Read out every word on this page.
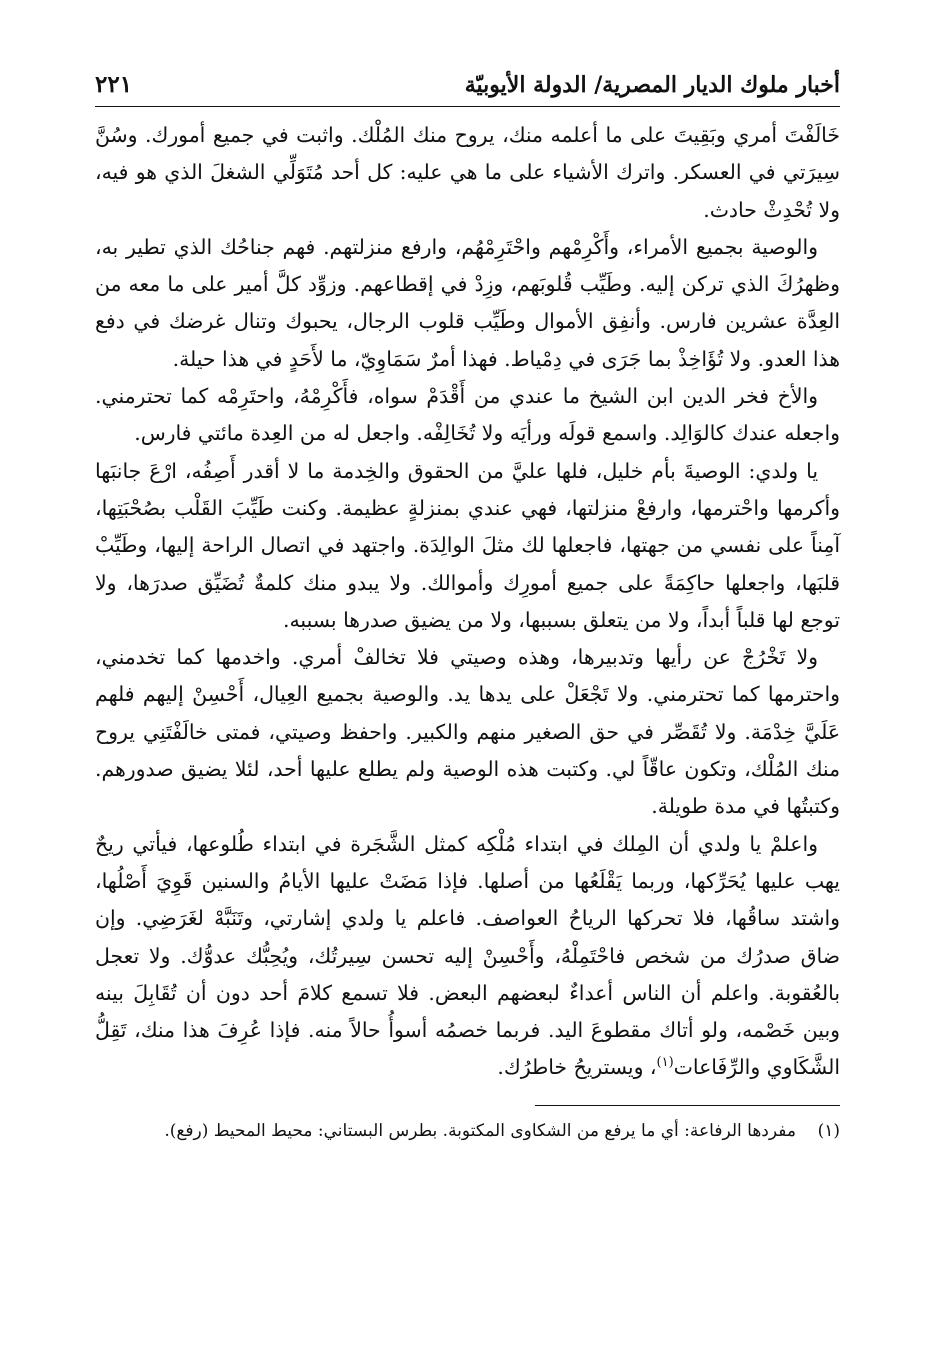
أخبار ملوك الديار المصرية/ الدولة الأيوبيّة
٢٢١

خَالَفْتَ أمري وبَقِيتَ على ما أعلمه منك، يروح منك المُلْك. واثبت في جميع أمورك. وسُنَّ سِيرَتي في العسكر. واترك الأشياء على ما هي عليه: كل أحد مُتَوَلِّي الشغلَ الذي هو فيه، ولا تُحْدِثْ حادث.

والوصية بجميع الأمراء، وأَكْرِمْهم واحْتَرِمْهُم، وارفع منزلتهم. فهم جناحُك الذي تطير به، وظهرُكَ الذي تركن إليه. وطَيِّب قُلوبَهم، وزِدْ في إقطاعهم. وزوِّد كلَّ أمير على ما معه من العِدَّة عشرين فارس. وأنفِق الأموال وطَيِّب قلوب الرجال، يحبوك وتنال غرضك في دفع هذا العدو. ولا تُؤَاخِذْ بما جَرَى في دِمْياط. فهذا أمرٌ سَمَاوِيّ، ما لأَحَدٍ في هذا حيلة.

والأخ فخر الدين ابن الشيخ ما عندي من أَقْدَمْ سواه، فأَكْرِمْهُ، واحتَرِمْه كما تحترمني. واجعله عندك كالوَالِد. واسمع قولَه ورأيَه ولا تُخَالِفْه. واجعل له من العِدة مائتي فارس.

يا ولدي: الوصيةَ بأم خليل، فلها عليَّ من الحقوق والخِدمة ما لا أقدر أَصِفُه، ارْعَ جانبَها وأكرمها واحْترمها، وارفعْ منزلتها، فهي عندي بمنزلةٍ عظيمة. وكنت طَيِّبَ القَلْب بصُحْبَتِها، آمِناً على نفسي من جهتها، فاجعلها لك مثلَ الوالِدَة. واجتهد في اتصال الراحة إليها، وطَيِّبْ قلبَها، واجعلها حاكِمَةً على جميع أمورِك وأموالك. ولا يبدو منك كلمةٌ تُضَيِّق صدرَها، ولا توجع لها قلباً أبداً، ولا من يتعلق بسببها، ولا من يضيق صدرها بسببه.

ولا تَخْرُجْ عن رأيها وتدبيرها، وهذه وصيتي فلا تخالفْ أمري. واخدمها كما تخدمني، واحترمها كما تحترمني. ولا تَجْعَلْ على يدها يد. والوصية بجميع العِيال، أَحْسِنْ إليهم فلهم عَلَيَّ خِدْمَة. ولا تُقَصِّر في حق الصغير منهم والكبير. واحفظ وصيتي، فمتى خالَفْتَنِي يروح منك المُلْك، وتكون عاقّاً لي. وكتبت هذه الوصية ولم يطلع عليها أحد، لئلا يضيق صدورهم. وكتبتُها في مدة طويلة.

واعلمْ يا ولدي أن المِلك في ابتداء مُلْكِه كمثل الشَّجَرة في ابتداء طُلوعها، فيأتي ريحٌ يهب عليها يُحَرِّكها، وربما يَقْلَعُها من أصلها. فإذا مَضَتْ عليها الأيامُ والسنين قَوِيَ أَصْلُها، واشتد ساقُها، فلا تحركها الرياحُ العواصف. فاعلم يا ولدي إشارتي، وتَنَبَّهْ لغَرَضِي. وإن ضاق صدرُك من شخص فاحْتَمِلْهُ، وأَحْسِنْ إليه تحسن سِيرتُك، ويُحِبُّك عدوُّك. ولا تعجل بالعُقوبة. واعلم أن الناس أعداءٌ لبعضهم البعض. فلا تسمع كلامَ أحد دون أن تُقَابِلَ بينه وبين خَصْمه، ولو أتاك مقطوعَ اليد. فربما خصمُه أسوأُ حالاً منه. فإذا عُرِفَ هذا منك، تَقِلُّ الشَّكَاوي والرِّفَاعات$^{(١)}$، ويستريحُ خاطرُك.

(١)    مفردها الرفاعة: أي ما يرفع من الشكاوى المكتوبة. بطرس البستاني: محيط المحيط (رفع).
